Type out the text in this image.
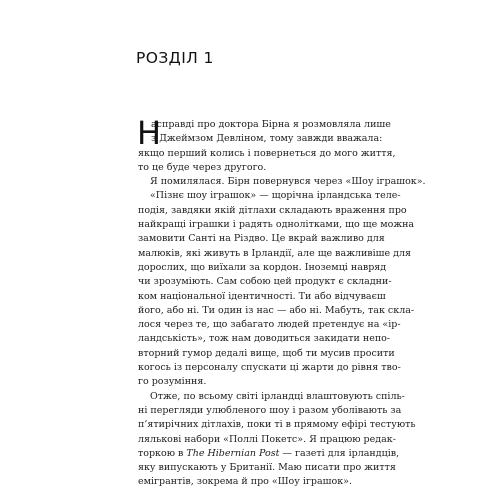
РОЗДІЛ 1
Н
асправді про доктора Бірна я розмовляла лише
з Джеймзом Девліном, тому завжди вважала:
якщо перший колись і повернеться до мого життя,
то це буде через другого.
Я помилялася. Бірн повернувся через «Шоу іграшок».
«Пізнє шоу іграшок» — щорічна ірландська теле-
подія, завдяки якій дітлахи складають враження про
найкращі іграшки і радять однолітками, що ще можна
замовити Санті на Різдво. Це вкрай важливо для
малюків, які живуть в Ірландії, але ще важливіше для
дорослих, що виїхали за кордон. Іноземці навряд
чи зрозуміють. Сам собою цей продукт є складни-
ком національної ідентичності. Ти або відчуваєш
його, або ні. Ти один із нас — або ні. Мабуть, так скла-
лося через те, що забагато людей претендує на «ір-
ландськість», тож нам доводиться закидати непо-
вторний гумор дедалі вище, щоб ти мусив просити
когось із персоналу спускати ці жарти до рівня тво-
го розуміння.
Отже, по всьому світі ірландці влаштовують спіль-
ні перегляди улюбленого шоу і разом уболівають за
п’ятирічних дітлахів, поки ті в прямому ефірі тестують
лялькові набори «Поллі Покетс». Я працюю редак-
торкою в The Hibernian Post — газеті для ірландців,
яку випускають у Британії. Маю писати про життя
емігрантів, зокрема й про «Шоу іграшок».
